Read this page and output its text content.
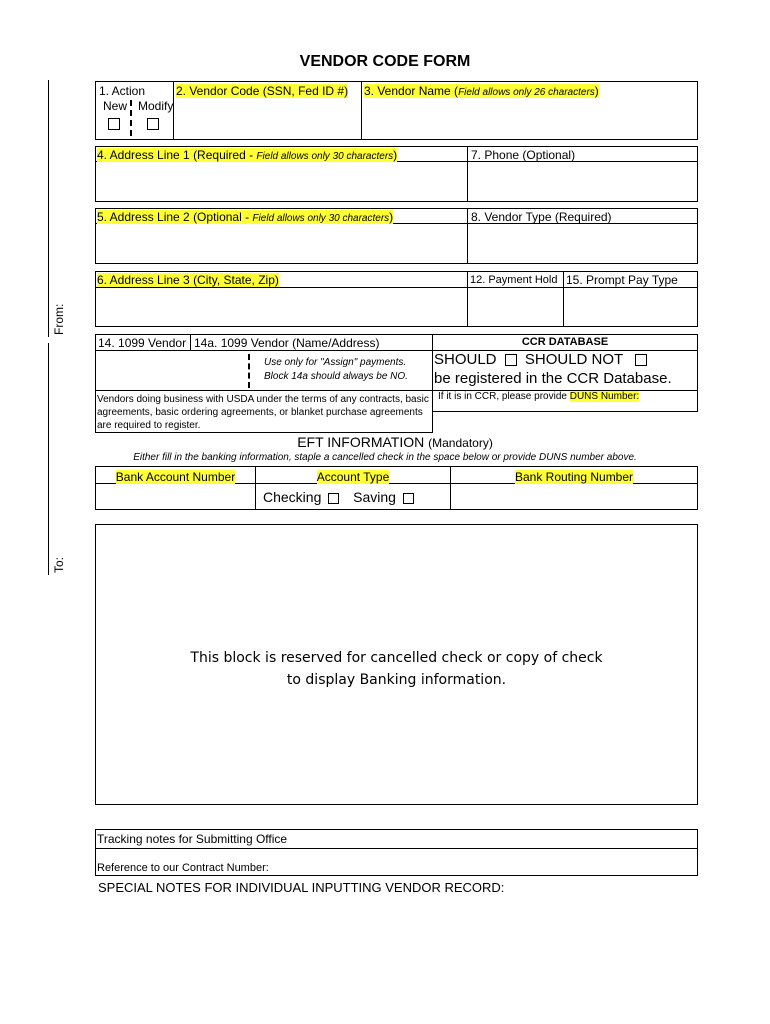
VENDOR CODE FORM
From:
To:
1. Action
New Modify
2. Vendor Code (SSN, Fed ID #) 3. Vendor Name (Field allows only 26 characters)
4. Address Line 1 (Required - Field allows only 30 characters)	7. Phone (Optional)
5. Address Line 2 (Optional - Field allows only 30 characters)	8. Vendor Type (Required)
6. Address Line 3 (City, State, Zip)	12. Payment Hold 15. Prompt Pay Type
14. 1099 Vendor 14a. 1099 Vendor (Name/Address)
Use only for "Assign" payments.
Block 14a should always be NO.
Vendors doing business with USDA under the terms of any contracts, basic agreements, basic ordering agreements, or blanket purchase agreements are required to register.
CCR DATABASE
SHOULD SHOULD NOT
be registered in the CCR Database.
If it is in CCR, please provide DUNS Number:
EFT INFORMATION (Mandatory)
Either fill in the banking information, staple a cancelled check in the space below or provide DUNS number above.
Bank Account Number	Account Type	Bank Routing Number
Checking Saving
This block is reserved for cancelled check or copy of check
to display Banking information.
Tracking notes for Submitting Office
Reference to our Contract Number:
SPECIAL NOTES FOR INDIVIDUAL INPUTTING VENDOR RECORD:
